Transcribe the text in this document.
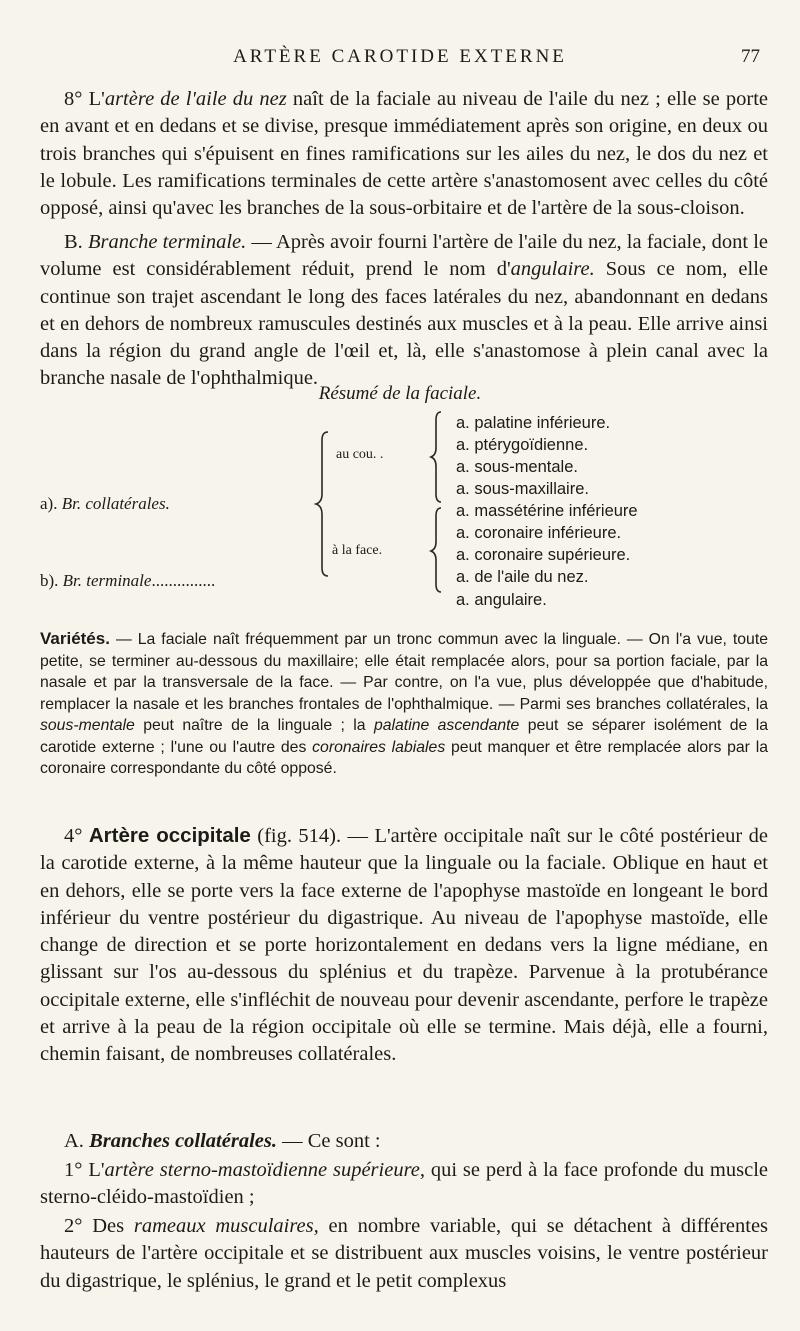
ARTÈRE CAROTIDE EXTERNE	77
8° L'artère de l'aile du nez naît de la faciale au niveau de l'aile du nez ; elle se porte en avant et en dedans et se divise, presque immédiatement après son origine, en deux ou trois branches qui s'épuisent en fines ramifications sur les ailes du nez, le dos du nez et le lobule. Les ramifications terminales de cette artère s'anastomosent avec celles du côté opposé, ainsi qu'avec les branches de la sous-orbitaire et de l'artère de la sous-cloison.
B. Branche terminale. — Après avoir fourni l'artère de l'aile du nez, la faciale, dont le volume est considérablement réduit, prend le nom d'angulaire. Sous ce nom, elle continue son trajet ascendant le long des faces latérales du nez, abandonnant en dedans et en dehors de nombreux ramuscules destinés aux muscles et à la peau. Elle arrive ainsi dans la région du grand angle de l'œil et, là, elle s'anastomose à plein canal avec la branche nasale de l'ophthalmique.
Résumé de la faciale.
a). Br. collatérales.
b). Br. terminale...............
au cou. .
à la face.
a. palatine inférieure.
a. ptérygoïdienne.
a. sous-mentale.
a. sous-maxillaire.
a. massétérine inférieure
a. coronaire inférieure.
a. coronaire supérieure.
a. de l'aile du nez.
a. angulaire.
Variétés. — La faciale naît fréquemment par un tronc commun avec la linguale. — On l'a vue, toute petite, se terminer au-dessous du maxillaire; elle était remplacée alors, pour sa portion faciale, par la nasale et par la transversale de la face. — Par contre, on l'a vue, plus développée que d'habitude, remplacer la nasale et les branches frontales de l'ophthalmique. — Parmi ses branches collatérales, la sous-mentale peut naître de la linguale ; la palatine ascendante peut se séparer isolément de la carotide externe ; l'une ou l'autre des coronaires labiales peut manquer et être remplacée alors par la coronaire correspondante du côté opposé.
4° Artère occipitale (fig. 514). — L'artère occipitale naît sur le côté postérieur de la carotide externe, à la même hauteur que la linguale ou la faciale. Oblique en haut et en dehors, elle se porte vers la face externe de l'apophyse mastoïde en longeant le bord inférieur du ventre postérieur du digastrique. Au niveau de l'apophyse mastoïde, elle change de direction et se porte horizontalement en dedans vers la ligne médiane, en glissant sur l'os au-dessous du splénius et du trapèze. Parvenue à la protubérance occipitale externe, elle s'infléchit de nouveau pour devenir ascendante, perfore le trapèze et arrive à la peau de la région occipitale où elle se termine. Mais déjà, elle a fourni, chemin faisant, de nombreuses collatérales.
A. Branches collatérales. — Ce sont :
1° L'artère sterno-mastoïdienne supérieure, qui se perd à la face profonde du muscle sterno-cléido-mastoïdien ;
2° Des rameaux musculaires, en nombre variable, qui se détachent à différentes hauteurs de l'artère occipitale et se distribuent aux muscles voisins, le ventre postérieur du digastrique, le splénius, le grand et le petit complexus
